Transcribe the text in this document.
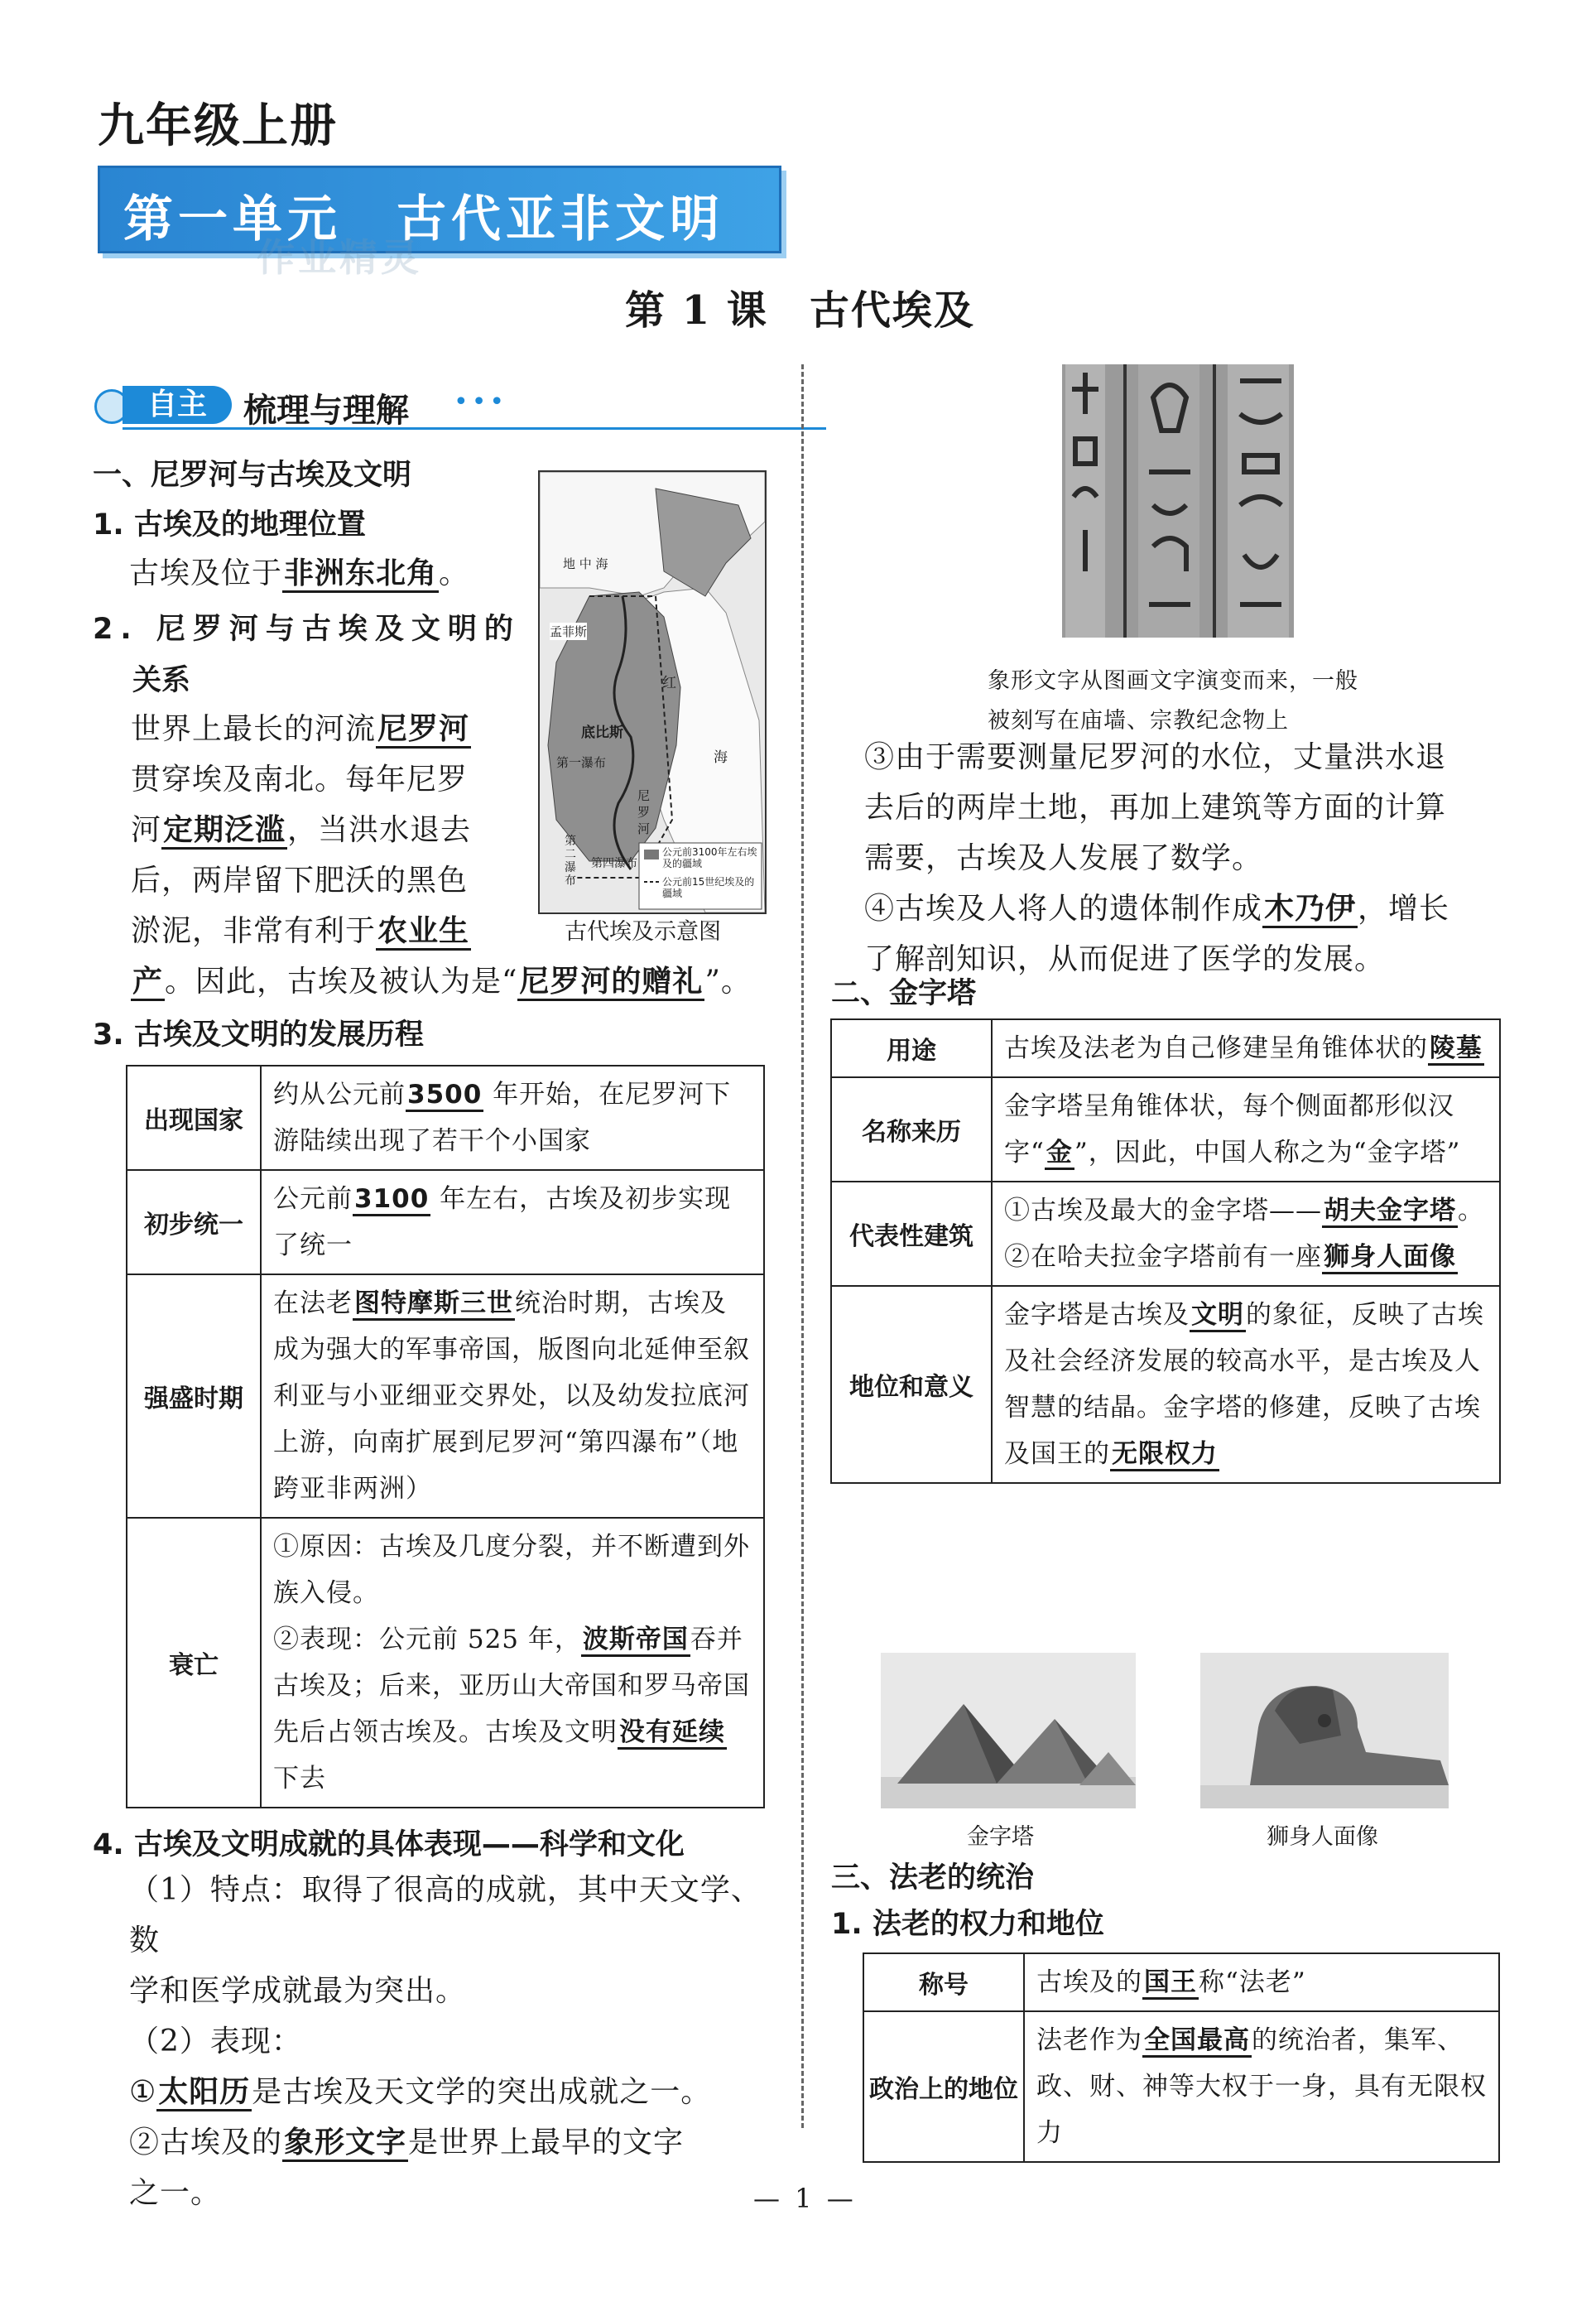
九年级上册
第一单元　古代亚非文明
作业精灵
第 1 课　古代埃及
自主	梳理与理解 •••
一、尼罗河与古埃及文明
1. 古埃及的地理位置
古埃及位于非洲东北角。
2. 尼罗河与古埃及文明的
关系
世界上最长的河流尼罗河
贯穿埃及南北。每年尼罗
河定期泛滥，当洪水退去
后，两岸留下肥沃的黑色
淤泥，非常有利于农业生
产。因此，古埃及被认为是“尼罗河的赠礼”。
地 中 海
孟菲斯
底比斯
第一瀑布
第二瀑布
第四瀑布
红
海
尼
罗
河
公元前3100年左右埃及的疆域
公元前15世纪埃及的疆域
古代埃及示意图
3. 古埃及文明的发展历程
出现国家	约从公元前3500 年开始，在尼罗河下游陆续出现了若干个小国家
初步统一	公元前3100 年左右，古埃及初步实现了统一
强盛时期	在法老图特摩斯三世统治时期，古埃及成为强大的军事帝国，版图向北延伸至叙利亚与小亚细亚交界处，以及幼发拉底河上游，向南扩展到尼罗河“第四瀑布”（地跨亚非两洲）
衰亡	①原因：古埃及几度分裂，并不断遭到外族入侵。
②表现：公元前 525 年，波斯帝国吞并古埃及；后来，亚历山大帝国和罗马帝国先后占领古埃及。古埃及文明没有延续下去
4. 古埃及文明成就的具体表现——科学和文化
（1）特点：取得了很高的成就，其中天文学、数
学和医学成就最为突出。
（2）表现：
①太阳历是古埃及天文学的突出成就之一。
②古埃及的象形文字是世界上最早的文字
之一。
象形文字从图画文字演变而来，一般
被刻写在庙墙、宗教纪念物上
③由于需要测量尼罗河的水位，丈量洪水退
去后的两岸土地，再加上建筑等方面的计算
需要，古埃及人发展了数学。
④古埃及人将人的遗体制作成木乃伊，增长
了解剖知识，从而促进了医学的发展。
二、金字塔
用途	古埃及法老为自己修建呈角锥体状的陵墓
名称来历	金字塔呈角锥体状，每个侧面都形似汉字“金”，因此，中国人称之为“金字塔”
代表性建筑	①古埃及最大的金字塔——胡夫金字塔。②在哈夫拉金字塔前有一座狮身人面像
地位和意义	金字塔是古埃及文明的象征，反映了古埃及社会经济发展的较高水平，是古埃及人智慧的结晶。金字塔的修建，反映了古埃及国王的无限权力
金字塔	狮身人面像
三、法老的统治
1. 法老的权力和地位
称号	古埃及的国王称“法老”
政治上的地位	法老作为全国最高的统治者，集军、政、财、神等大权于一身，具有无限权力
— 1 —
